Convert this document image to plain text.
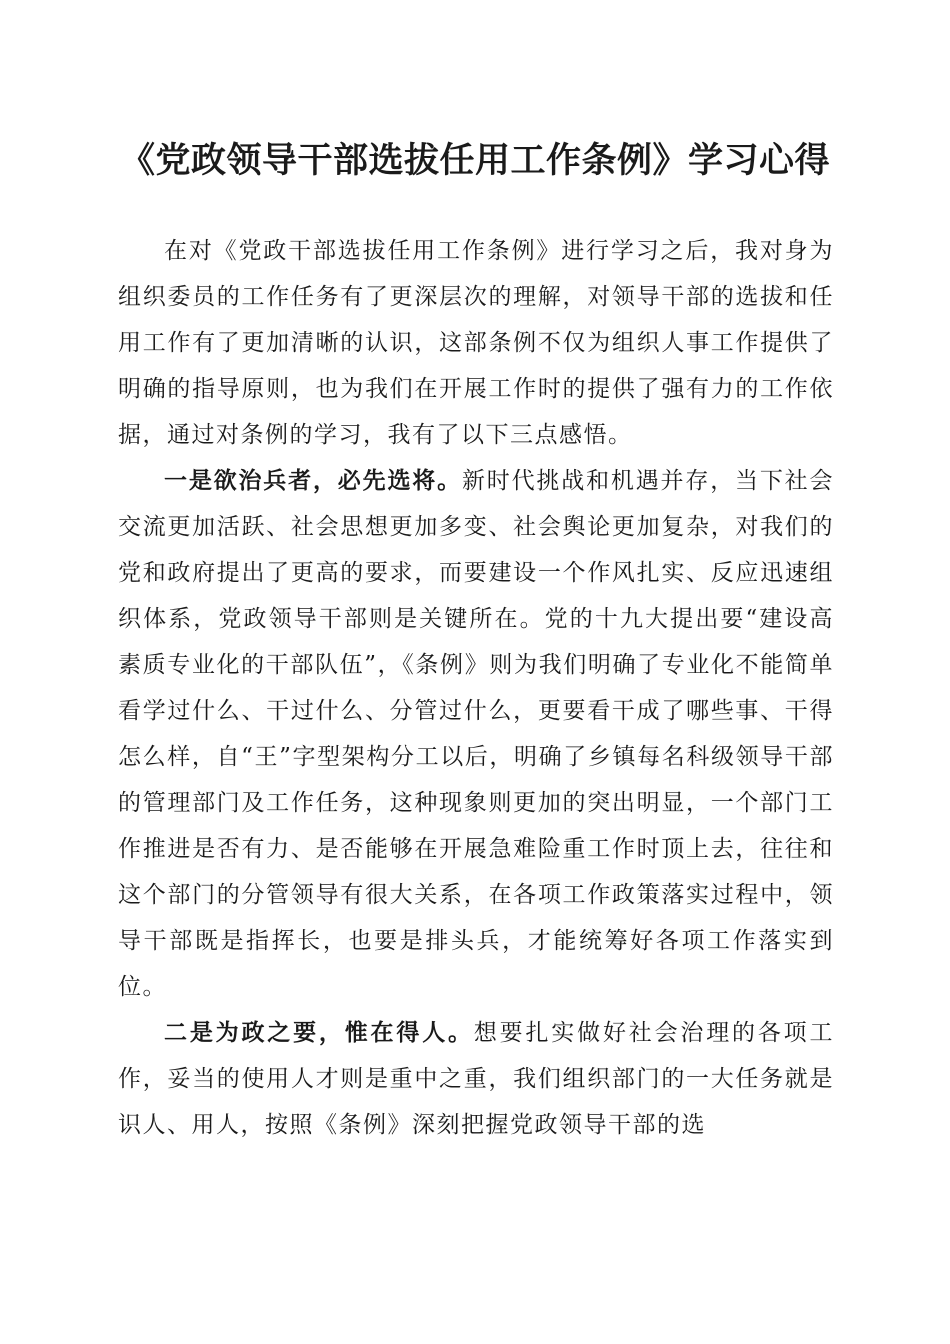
《党政领导干部选拔任用工作条例》学习心得

在对《党政干部选拔任用工作条例》进行学习之后，我对身为组织委员的工作任务有了更深层次的理解，对领导干部的选拔和任用工作有了更加清晰的认识，这部条例不仅为组织人事工作提供了明确的指导原则，也为我们在开展工作时的提供了强有力的工作依据，通过对条例的学习，我有了以下三点感悟。

一是欲治兵者，必先选将。新时代挑战和机遇并存，当下社会交流更加活跃、社会思想更加多变、社会舆论更加复杂，对我们的党和政府提出了更高的要求，而要建设一个作风扎实、反应迅速组织体系，党政领导干部则是关键所在。党的十九大提出要“建设高素质专业化的干部队伍”，《条例》则为我们明确了专业化不能简单看学过什么、干过什么、分管过什么，更要看干成了哪些事、干得怎么样，自“王”字型架构分工以后，明确了乡镇每名科级领导干部的管理部门及工作任务，这种现象则更加的突出明显，一个部门工作推进是否有力、是否能够在开展急难险重工作时顶上去，往往和这个部门的分管领导有很大关系，在各项工作政策落实过程中，领导干部既是指挥长，也要是排头兵，才能统筹好各项工作落实到位。

二是为政之要，惟在得人。想要扎实做好社会治理的各项工作，妥当的使用人才则是重中之重，我们组织部门的一大任务就是识人、用人，按照《条例》深刻把握党政领导干部的选
